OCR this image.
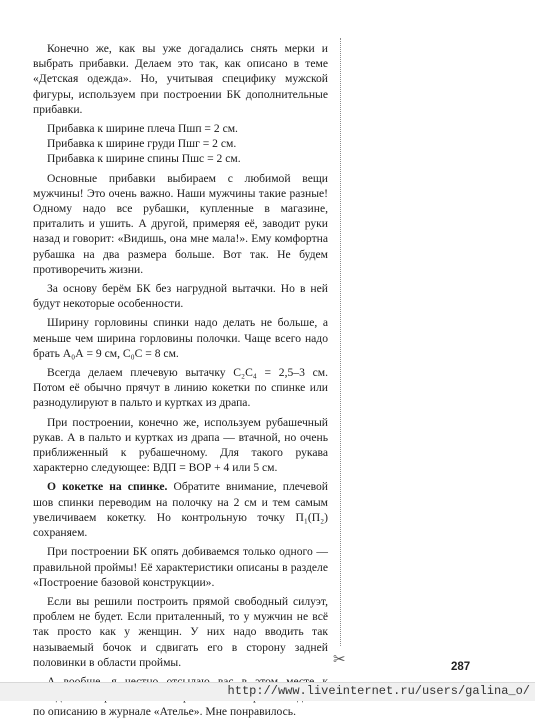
Конечно же, как вы уже догадались снять мерки и выбрать прибавки. Делаем это так, как описано в теме «Детская одежда». Но, учитывая специфику мужской фигуры, используем при построении БК дополнительные прибавки.

Прибавка к ширине плеча Пшп = 2 см.

Прибавка к ширине груди Пшг = 2 см.

Прибавка к ширине спины Пшс = 2 см.

Основные прибавки выбираем с любимой вещи мужчины! Это очень важно. Наши мужчины такие разные! Одному надо все рубашки, купленные в магазине, приталить и ушить. А другой, примеряя её, заводит руки назад и говорит: «Видишь, она мне мала!». Ему комфортна рубашка на два размера больше. Вот так. Не будем противоречить жизни.

За основу берём БК без нагрудной вытачки. Но в ней будут некоторые особенности.

Ширину горловины спинки надо делать не больше, а меньше чем ширина горловины полочки. Чаще всего надо брать А₀А = 9 см, С₀С = 8 см.

Всегда делаем плечевую вытачку С₂С₄ = 2,5–3 см. Потом её обычно прячут в линию кокетки по спинке или разнодулируют в пальто и куртках из драпа.

При построении, конечно же, используем рубашечный рукав. А в пальто и куртках из драпа — втачной, но очень приближенный к рубашечному. Для такого рукава характерно следующее: ВДП = ВОР + 4 или 5 см.

О кокетке на спинке. Обратите внимание, плечевой шов спинки переводим на полочку на 2 см и тем самым увеличиваем кокетку. Но контрольную точку П₁(П₂) сохраняем.

При построении БК опять добиваемся только одного — правильной проймы! Её характеристики описаны в разделе «Построение базовой конструкции».

Если вы решили построить прямой свободный силуэт, проблем не будет. Если приталенный, то у мужчин не всё так просто как у женщин. У них надо вводить так называемый бочок и сдвигать его в сторону задней половинки в области проймы.

по описанию в журнале «Ателье». Мне понравилось.

✂	287
http://www.liveinternet.ru/users/galina_o/
